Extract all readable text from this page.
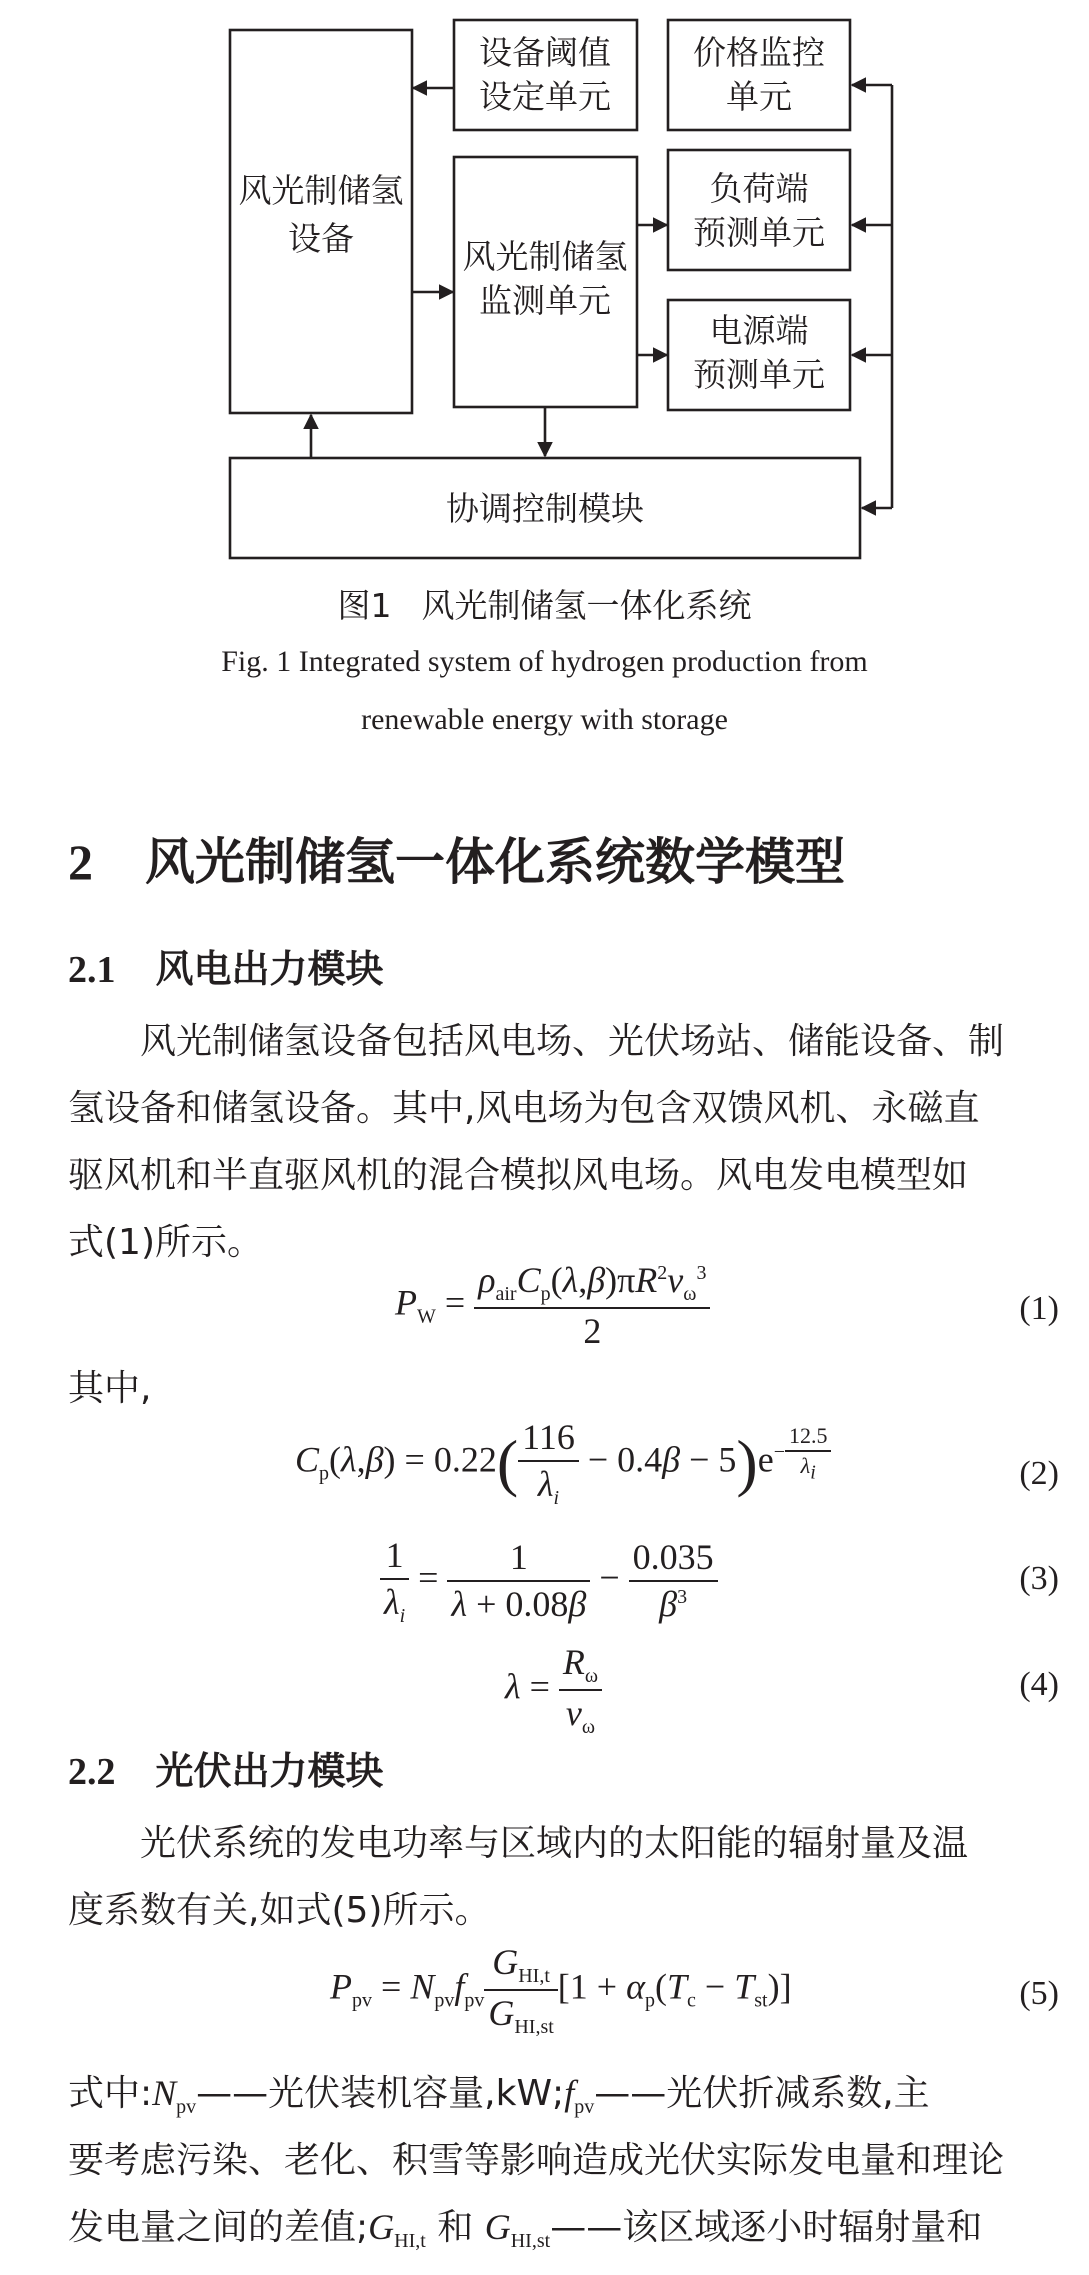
风光制储氢设备
设备阈值设定单元
价格监控单元
风光制储氢监测单元
负荷端预测单元
电源端预测单元
协调控制模块
图1 风光制储氢一体化系统
Fig. 1 Integrated system of hydrogen production from
renewable energy with storage
2 风光制储氢一体化系统数学模型
2.1 风电出力模块
风光制储氢设备包括风电场、光伏场站、储能设备、制
氢设备和储氢设备。其中,风电场为包含双馈风机、永磁直
驱风机和半直驱风机的混合模拟风电场。风电发电模型如
式(1)所示。
$P_W = \frac{\rho_{air}C_p(\lambda,\beta)\pi R^2\nu_\omega^3}{2}$	(1)
其中,
$C_p(\lambda,\beta) = 0.22( \frac{116}{\lambda_i} - 0.4\beta - 5)e^{- \frac{12.5}{\lambda_i}}$	(2)
$\frac{1}{\lambda_i} = \frac{1}{\lambda + 0.08\beta} - \frac{0.035}{\beta^3}$	(3)
$\lambda = \frac{R_\omega}{\nu_\omega}$	(4)
2.2 光伏出力模块
光伏系统的发电功率与区域内的太阳能的辐射量及温
度系数有关,如式(5)所示。
$P_{pv} = N_{pv}f_{pv} \frac{G_{HI,t}}{G_{HI,st}} [1 + \alpha_p(T_c - T_{st})]$	(5)
式中$:N_{pv}——$光伏装机容量$,kW;f_{pv}——$光伏折减系数,主
要考虑污染、老化、积雪等影响造成光伏实际发电量和理论
发电量之间的差值$;G_{HI,t}$ 和 $G_{HI,st}——$该区域逐小时辐射量和
